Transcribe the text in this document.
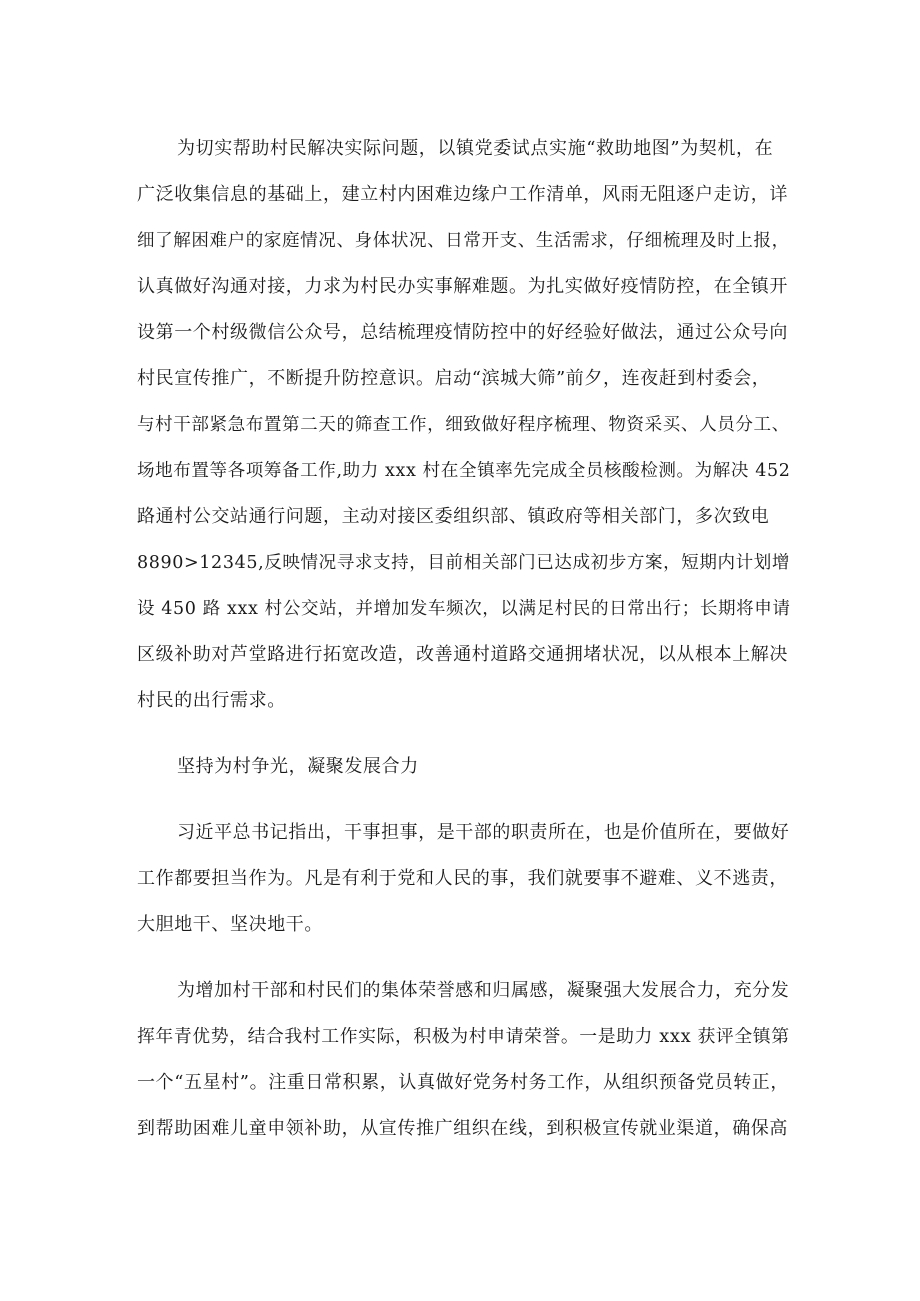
为切实帮助村民解决实际问题，以镇党委试点实施“救助地图”为契机，在
广泛收集信息的基础上，建立村内困难边缘户工作清单，风雨无阻逐户走访，详
细了解困难户的家庭情况、身体状况、日常开支、生活需求，仔细梳理及时上报，
认真做好沟通对接，力求为村民办实事解难题。为扎实做好疫情防控，在全镇开
设第一个村级微信公众号，总结梳理疫情防控中的好经验好做法，通过公众号向
村民宣传推广，不断提升防控意识。启动“滨城大筛”前夕，连夜赶到村委会，
与村干部紧急布置第二天的筛查工作，细致做好程序梳理、物资采买、人员分工、
场地布置等各项筹备工作,助力 xxx 村在全镇率先完成全员核酸检测。为解决 452
路通村公交站通行问题，主动对接区委组织部、镇政府等相关部门，多次致电
8890>12345,反映情况寻求支持，目前相关部门已达成初步方案，短期内计划增
设 450 路 xxx 村公交站，并增加发车频次，以满足村民的日常出行；长期将申请
区级补助对芦堂路进行拓宽改造，改善通村道路交通拥堵状况，以从根本上解决
村民的出行需求。
坚持为村争光，凝聚发展合力
习近平总书记指出，干事担事，是干部的职责所在，也是价值所在，要做好
工作都要担当作为。凡是有利于党和人民的事，我们就要事不避难、义不逃责，
大胆地干、坚决地干。
为增加村干部和村民们的集体荣誉感和归属感，凝聚强大发展合力，充分发
挥年青优势，结合我村工作实际，积极为村申请荣誉。一是助力 xxx 获评全镇第
一个“五星村”。注重日常积累，认真做好党务村务工作，从组织预备党员转正，
到帮助困难儿童申领补助，从宣传推广组织在线，到积极宣传就业渠道，确保高
